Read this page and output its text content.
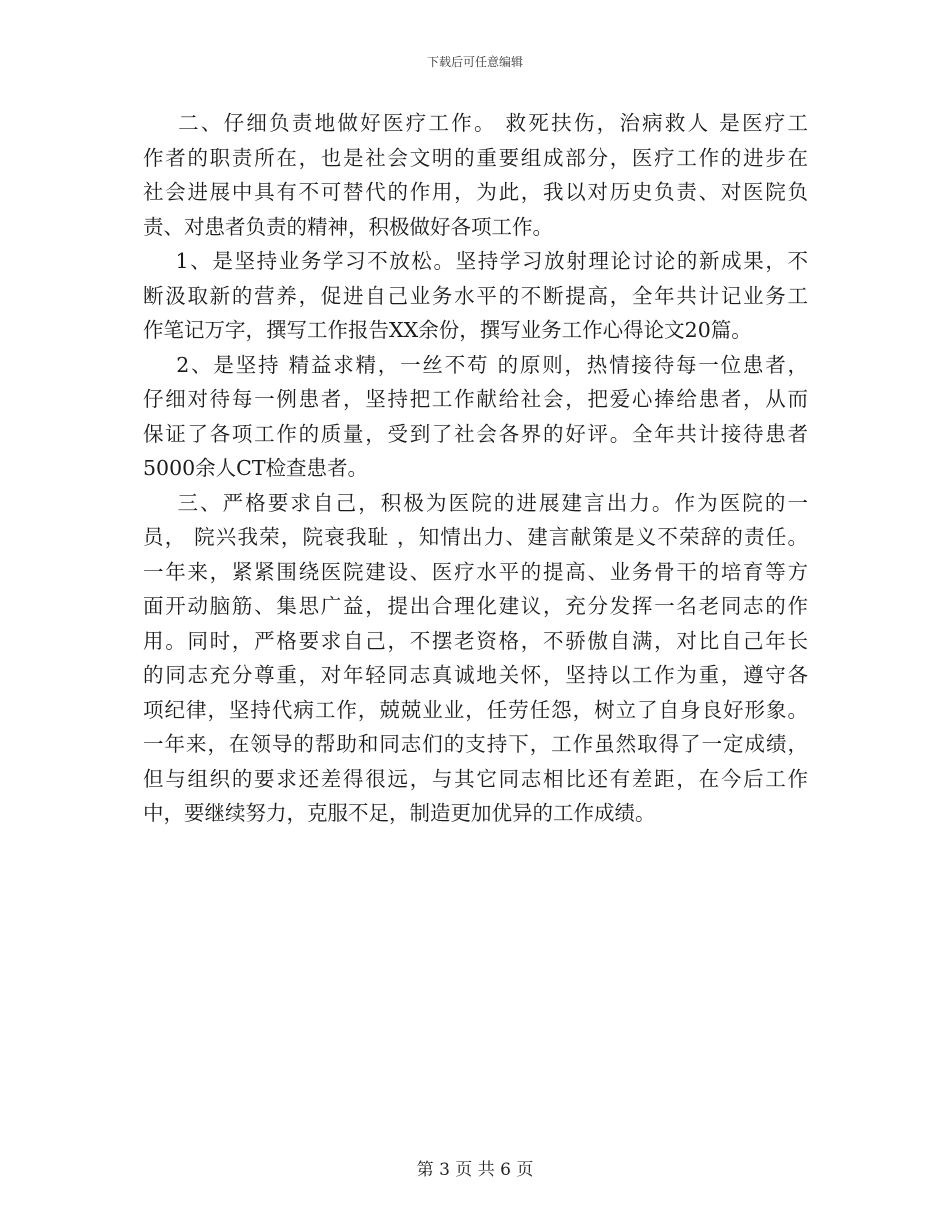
下载后可任意编辑
二、仔细负责地做好医疗工作。 救死扶伤，治病救人 是医疗工
作者的职责所在，也是社会文明的重要组成部分，医疗工作的进步在
社会进展中具有不可替代的作用，为此，我以对历史负责、对医院负
责、对患者负责的精神，积极做好各项工作。
1、是坚持业务学习不放松。坚持学习放射理论讨论的新成果，不
断汲取新的营养，促进自己业务水平的不断提高，全年共计记业务工
作笔记万字，撰写工作报告XX余份，撰写业务工作心得论文20篇。
2、是坚持 精益求精，一丝不苟 的原则，热情接待每一位患者，
仔细对待每一例患者，坚持把工作献给社会，把爱心捧给患者，从而
保证了各项工作的质量，受到了社会各界的好评。全年共计接待患者
5000余人CT检查患者。
三、严格要求自己，积极为医院的进展建言出力。作为医院的一
员， 院兴我荣，院衰我耻 ，知情出力、建言献策是义不荣辞的责任。
一年来，紧紧围绕医院建设、医疗水平的提高、业务骨干的培育等方
面开动脑筋、集思广益，提出合理化建议，充分发挥一名老同志的作
用。同时，严格要求自己，不摆老资格，不骄傲自满，对比自己年长
的同志充分尊重，对年轻同志真诚地关怀，坚持以工作为重，遵守各
项纪律，坚持代病工作，兢兢业业，任劳任怨，树立了自身良好形象。
一年来，在领导的帮助和同志们的支持下，工作虽然取得了一定成绩，
但与组织的要求还差得很远，与其它同志相比还有差距，在今后工作
中，要继续努力，克服不足，制造更加优异的工作成绩。
第 3 页 共 6 页
